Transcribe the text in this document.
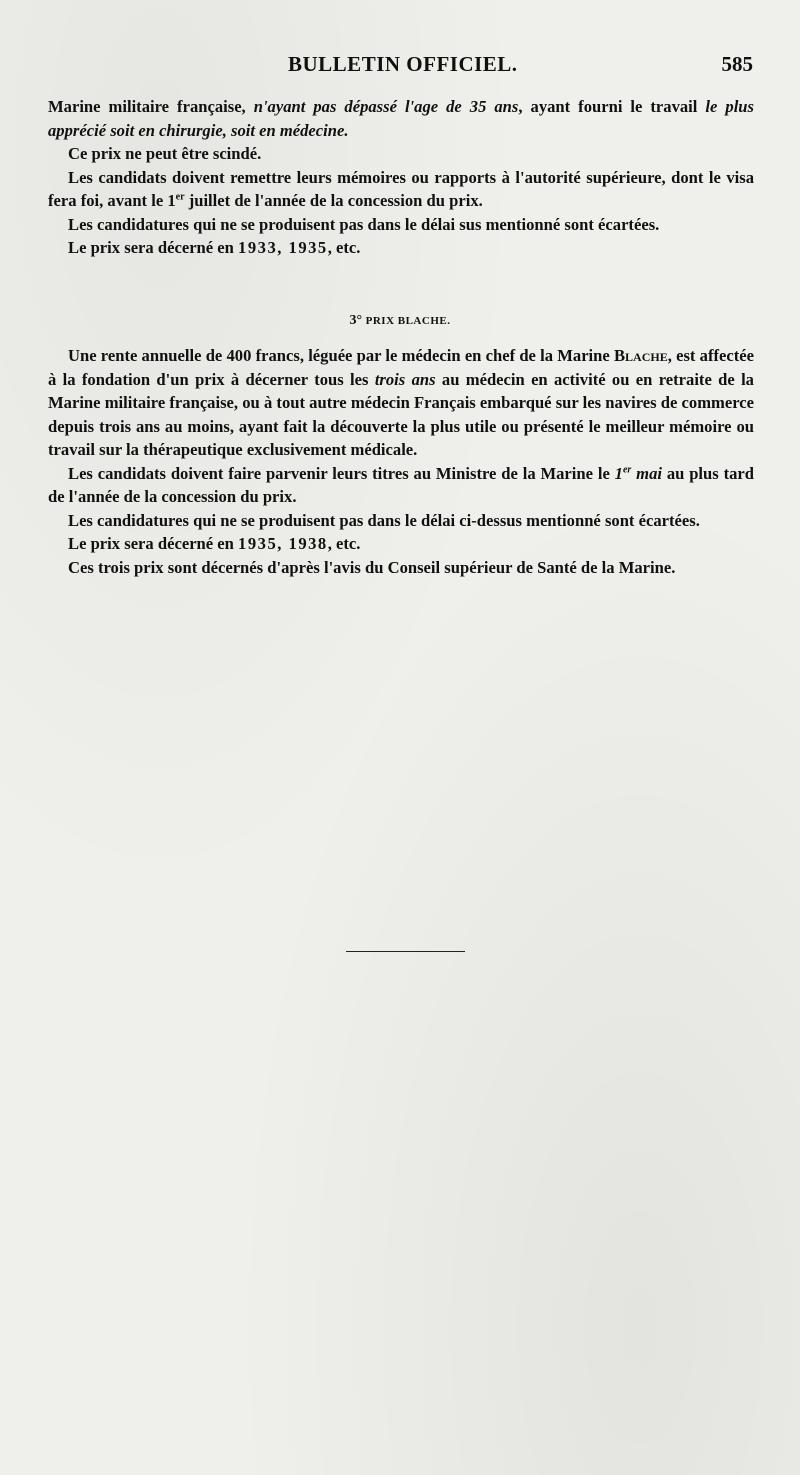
BULLETIN OFFICIEL.	585

Marine militaire française, n'ayant pas dépassé l'age de 35 ans, ayant fourni le travail le plus apprécié soit en chirurgie, soit en médecine.

Ce prix ne peut être scindé.

Les candidats doivent remettre leurs mémoires ou rapports à l'autorité supérieure, dont le visa fera foi, avant le 1er juillet de l'année de la concession du prix.

Les candidatures qui ne se produisent pas dans le délai sus mentionné sont écartées.

Le prix sera décerné en 1933, 1935, etc.

3° PRIX BLACHE.

Une rente annuelle de 400 francs, léguée par le médecin en chef de la Marine Blache, est affectée à la fondation d'un prix à décerner tous les trois ans au médecin en activité ou en retraite de la Marine militaire française, ou à tout autre médecin Français embarqué sur les navires de commerce depuis trois ans au moins, ayant fait la découverte la plus utile ou présenté le meilleur mémoire ou travail sur la thérapeutique exclusivement médicale.

Les candidats doivent faire parvenir leurs titres au Ministre de la Marine le 1er mai au plus tard de l'année de la concession du prix.

Les candidatures qui ne se produisent pas dans le délai ci-dessus mentionné sont écartées.

Le prix sera décerné en 1935, 1938, etc.

Ces trois prix sont décernés d'après l'avis du Conseil supérieur de Santé de la Marine.
